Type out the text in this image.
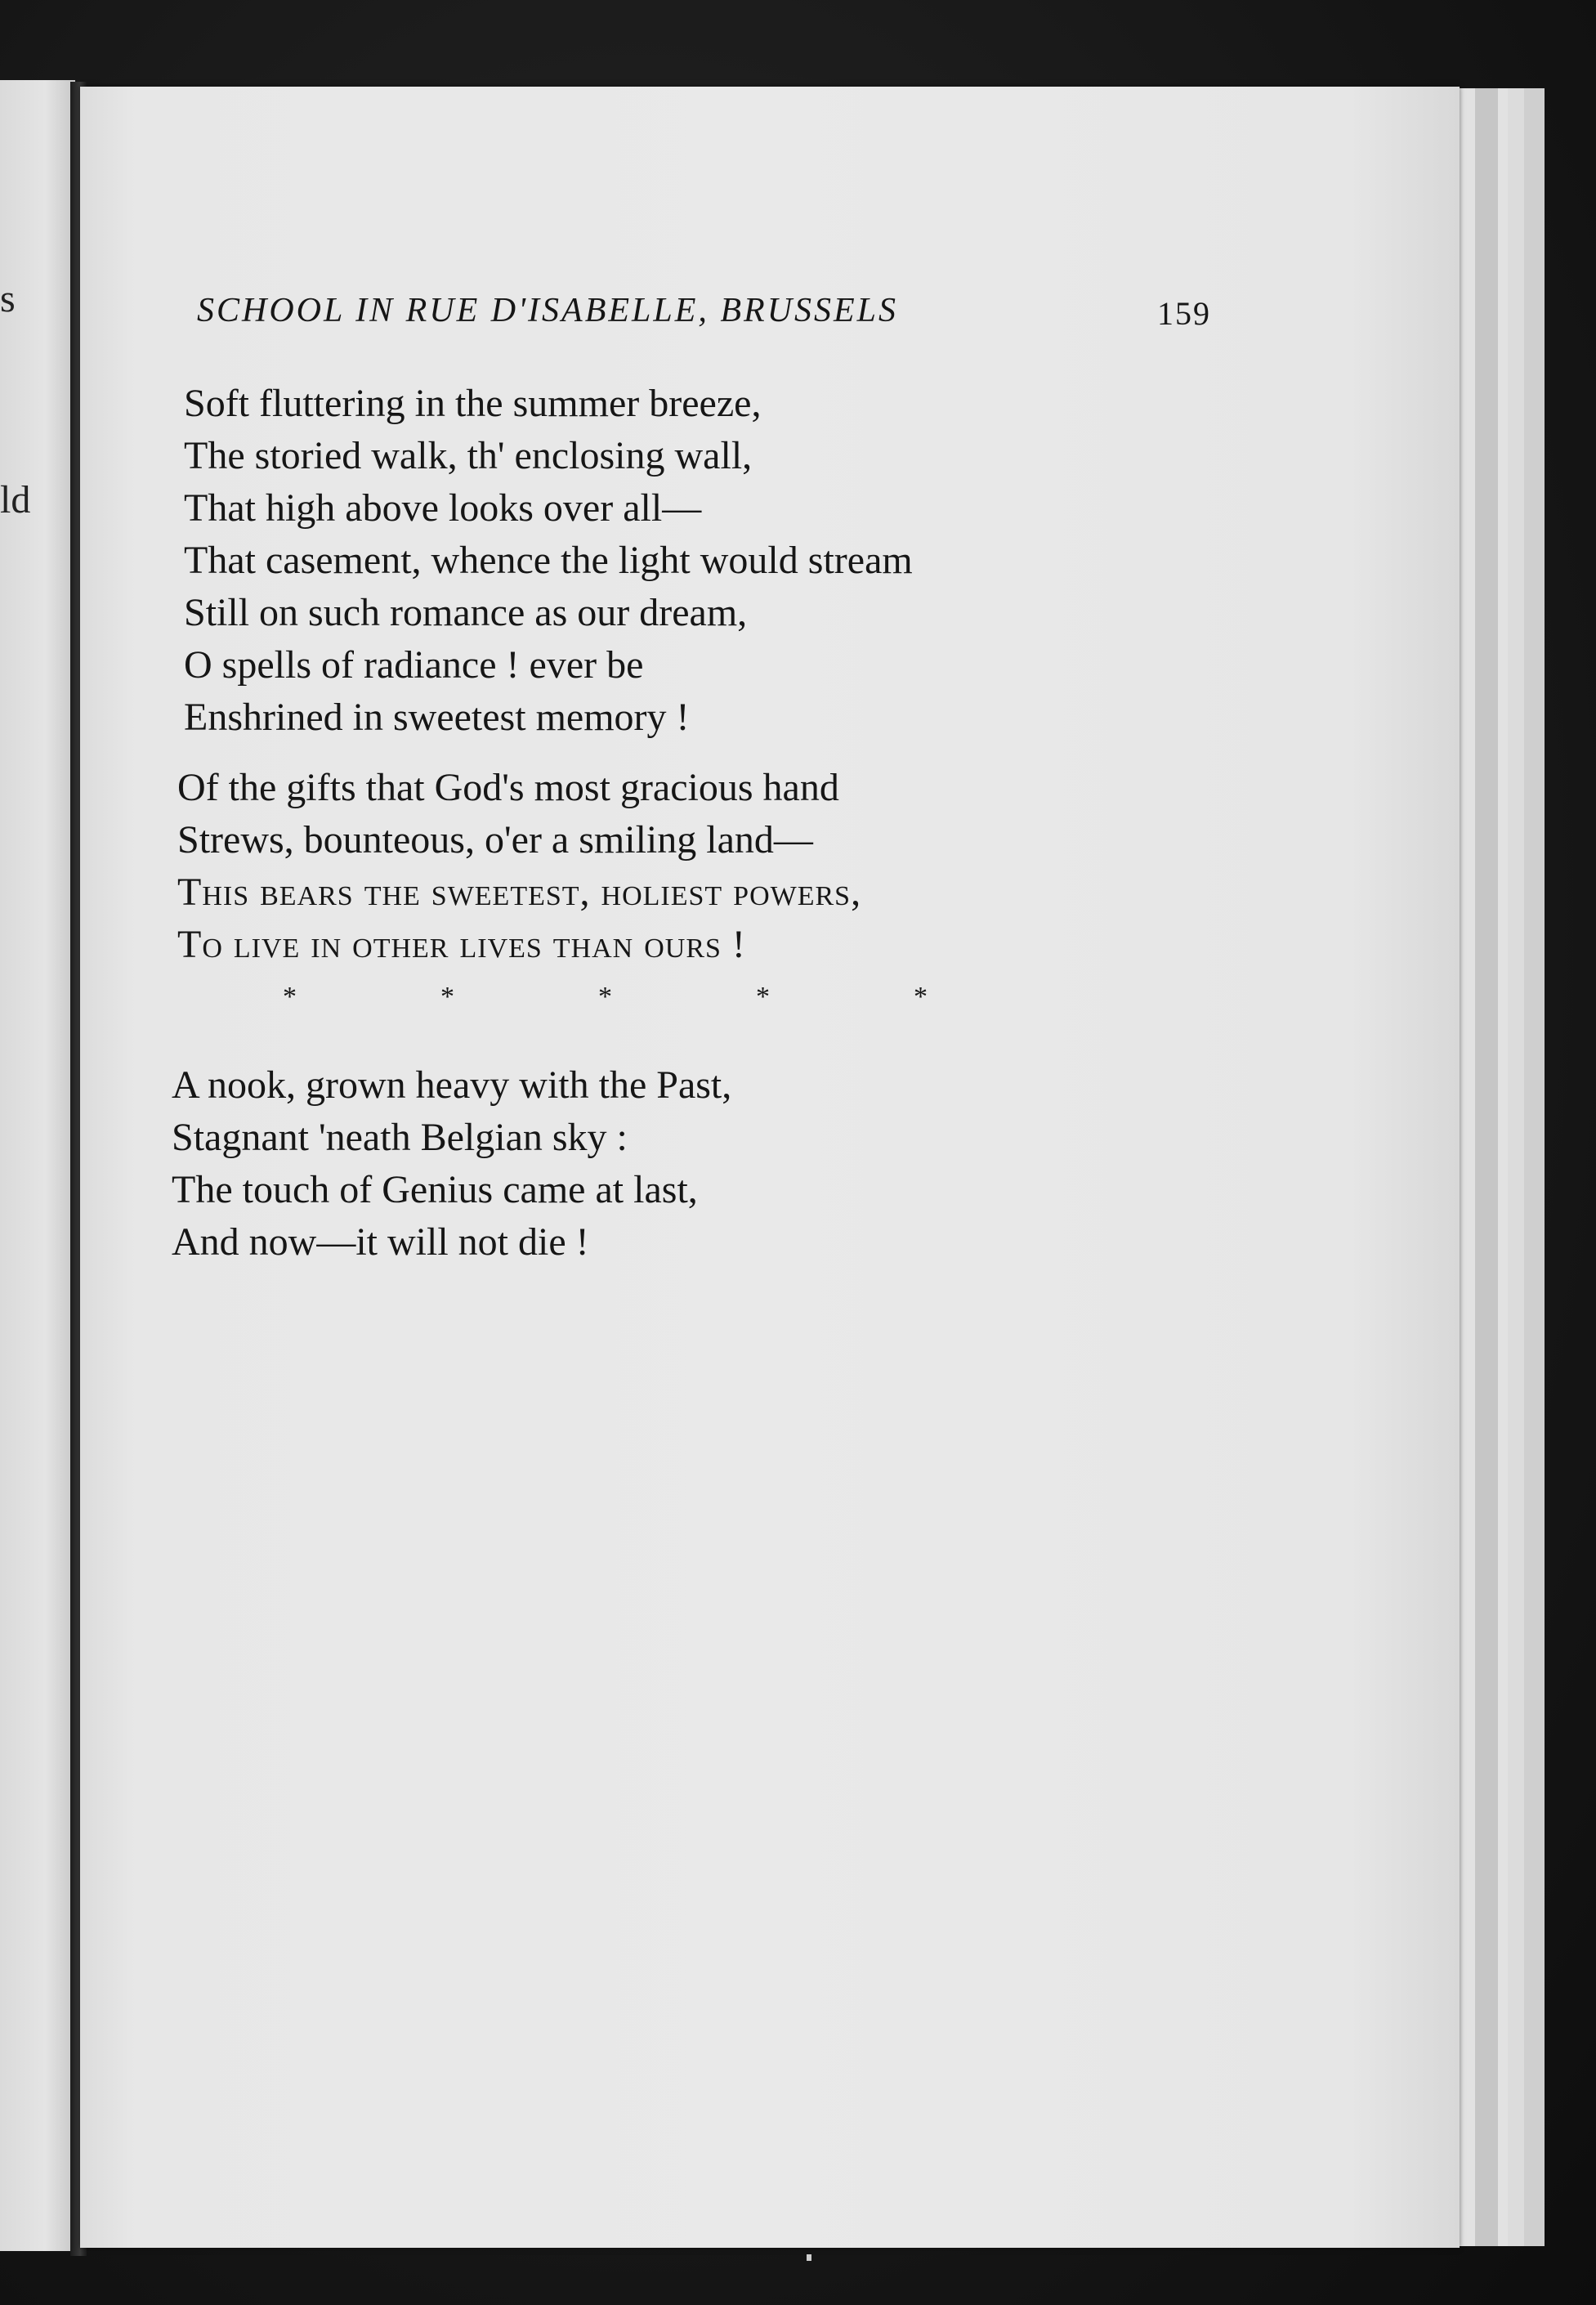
s
ld
SCHOOL IN RUE D'ISABELLE, BRUSSELS	159
Soft fluttering in the summer breeze,
The storied walk, th' enclosing wall,
That high above looks over all—
That casement, whence the light would stream
Still on such romance as our dream,
O spells of radiance ! ever be
Enshrined in sweetest memory !
Of the gifts that God's most gracious hand
Strews, bounteous, o'er a smiling land—
This bears the sweetest, holiest powers,
To live in other lives than ours !
*	*	*	*	*
A nook, grown heavy with the Past,
Stagnant 'neath Belgian sky :
The touch of Genius came at last,
And now—it will not die !
